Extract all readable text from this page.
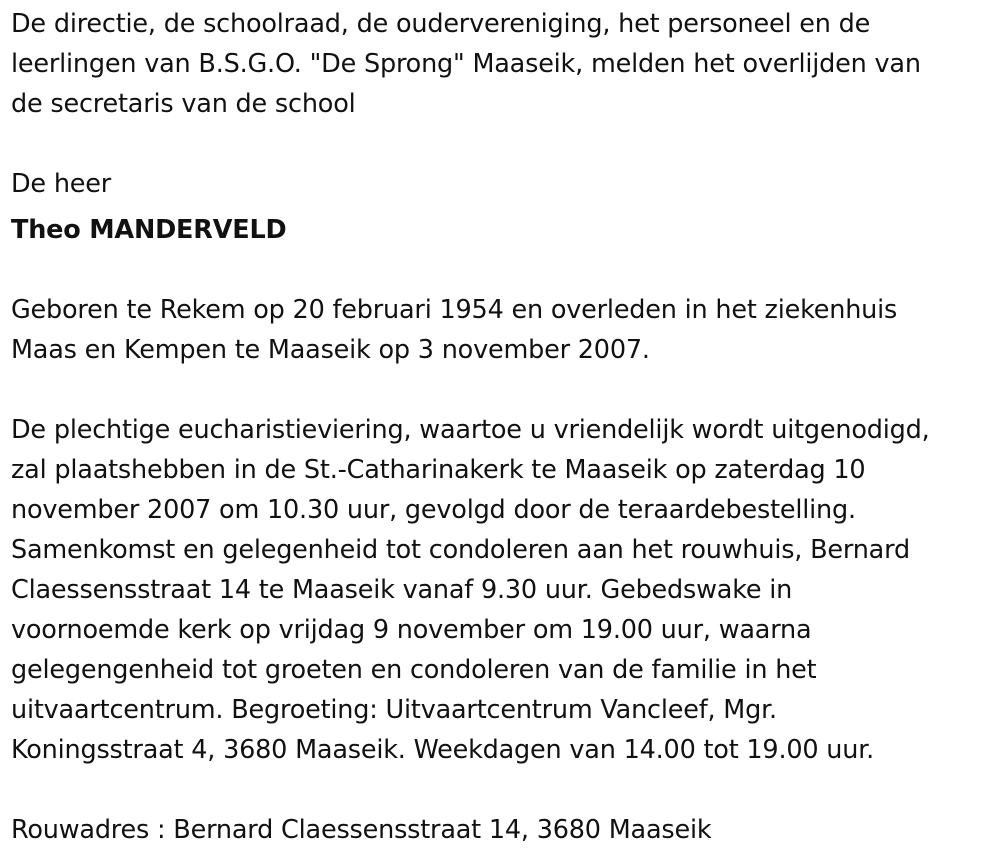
De directie, de schoolraad, de oudervereniging, het personeel en de
leerlingen van B.S.G.O. "De Sprong" Maaseik, melden het overlijden van
de secretaris van de school

De heer

Theo MANDERVELD

Geboren te Rekem op 20 februari 1954 en overleden in het ziekenhuis
Maas en Kempen te Maaseik op 3 november 2007.

De plechtige eucharistieviering, waartoe u vriendelijk wordt uitgenodigd,
zal plaatshebben in de St.-Catharinakerk te Maaseik op zaterdag 10
november 2007 om 10.30 uur, gevolgd door de teraardebestelling.
Samenkomst en gelegenheid tot condoleren aan het rouwhuis, Bernard
Claessensstraat 14 te Maaseik vanaf 9.30 uur. Gebedswake in
voornoemde kerk op vrijdag 9 november om 19.00 uur, waarna
gelegengenheid tot groeten en condoleren van de familie in het
uitvaartcentrum. Begroeting: Uitvaartcentrum Vancleef, Mgr.
Koningsstraat 4, 3680 Maaseik. Weekdagen van 14.00 tot 19.00 uur.

Rouwadres : Bernard Claessensstraat 14, 3680 Maaseik
